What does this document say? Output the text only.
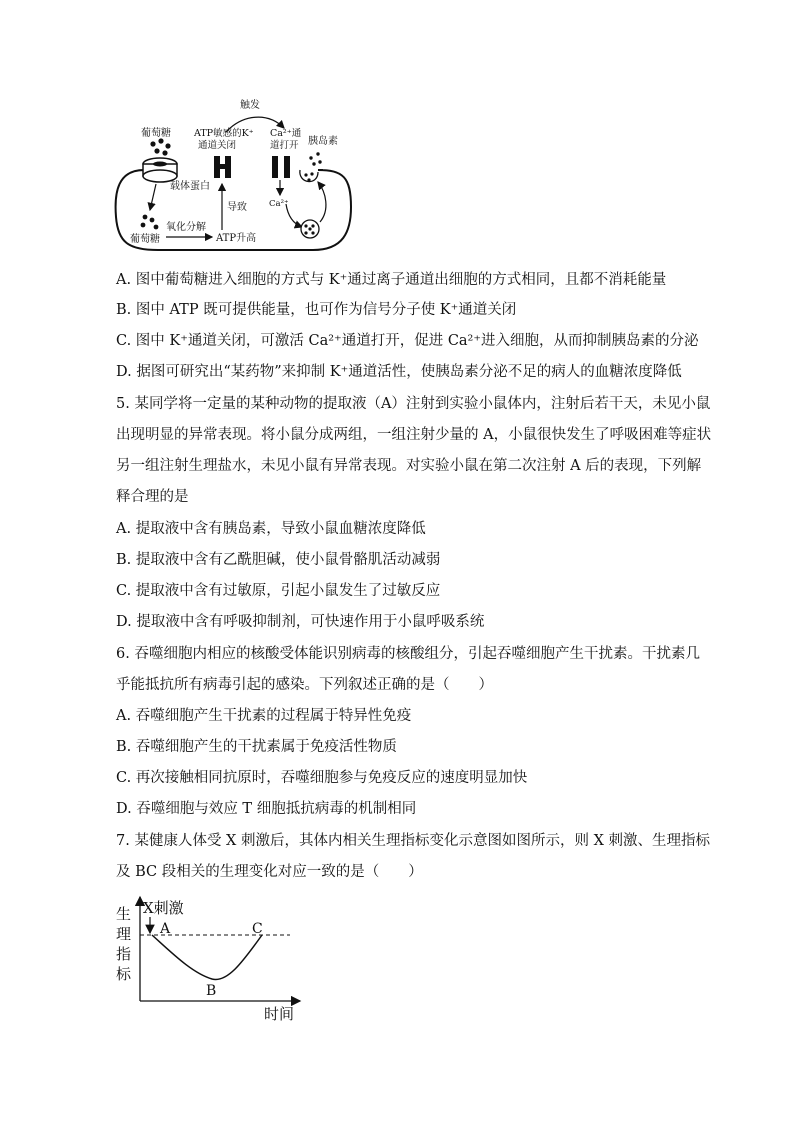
葡萄糖
葡萄糖
氧化分解
ATP升高
ATP敏感的K⁺
通道关闭
载体蛋白
导致
触发
Ca²⁺通
道打开
Ca²⁺
胰岛素
A. 图中葡萄糖进入细胞的方式与 K⁺通过离子通道出细胞的方式相同，且都不消耗能量
B. 图中 ATP 既可提供能量，也可作为信号分子使 K⁺通道关闭
C. 图中 K⁺通道关闭，可激活 Ca²⁺通道打开，促进 Ca²⁺进入细胞，从而抑制胰岛素的分泌
D. 据图可研究出“某药物”来抑制 K⁺通道活性，使胰岛素分泌不足的病人的血糖浓度降低
5. 某同学将一定量的某种动物的提取液（A）注射到实验小鼠体内，注射后若干天，未见小鼠
出现明显的异常表现。将小鼠分成两组，一组注射少量的 A，小鼠很快发生了呼吸困难等症状
另一组注射生理盐水，未见小鼠有异常表现。对实验小鼠在第二次注射 A 后的表现，下列解
释合理的是
A. 提取液中含有胰岛素，导致小鼠血糖浓度降低
B. 提取液中含有乙酰胆碱，使小鼠骨骼肌活动减弱
C. 提取液中含有过敏原，引起小鼠发生了过敏反应
D. 提取液中含有呼吸抑制剂，可快速作用于小鼠呼吸系统
6. 吞噬细胞内相应的核酸受体能识别病毒的核酸组分，引起吞噬细胞产生干扰素。干扰素几
乎能抵抗所有病毒引起的感染。下列叙述正确的是（　　）
A. 吞噬细胞产生干扰素的过程属于特异性免疫
B. 吞噬细胞产生的干扰素属于免疫活性物质
C. 再次接触相同抗原时，吞噬细胞参与免疫反应的速度明显加快
D. 吞噬细胞与效应 T 细胞抵抗病毒的机制相同
7. 某健康人体受 X 刺激后，其体内相关生理指标变化示意图如图所示，则 X 刺激、生理指标
及 BC 段相关的生理变化对应一致的是（　　）
生
理
指
标
X刺激
A
B
C
时间
